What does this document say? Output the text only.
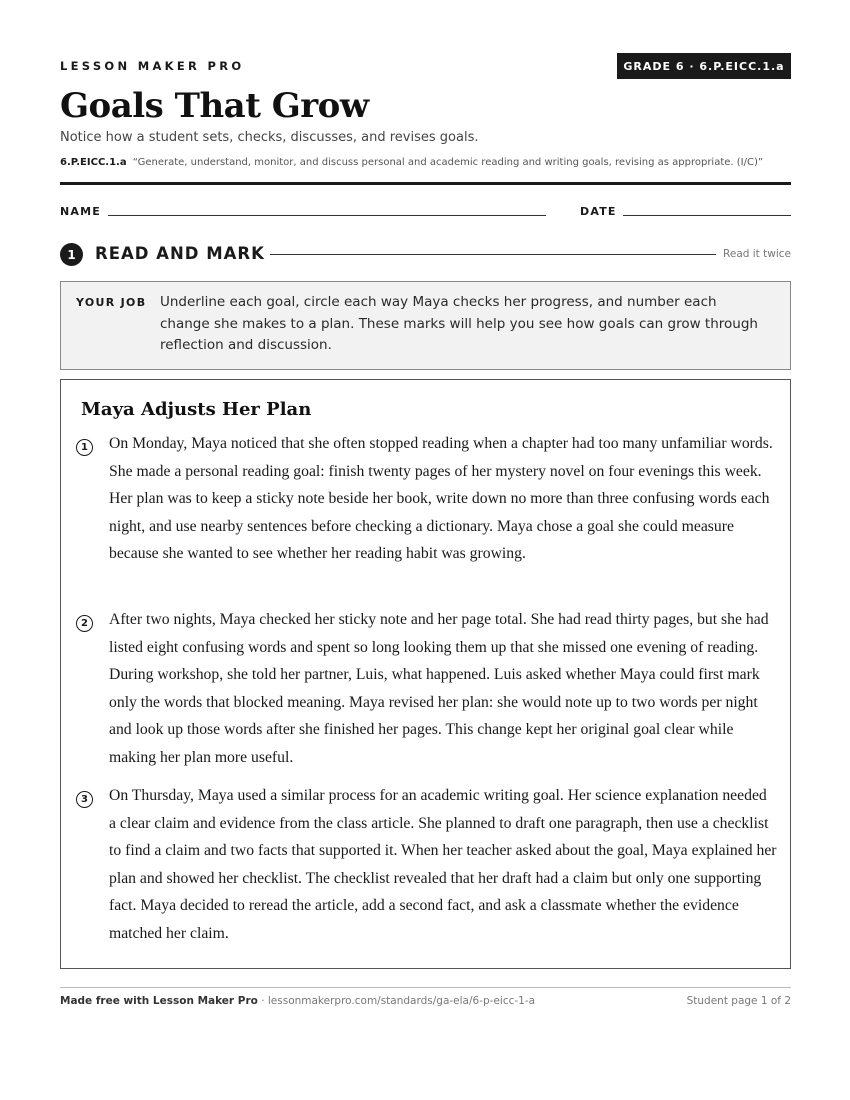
LESSON MAKER PRO	GRADE 6 · 6.P.EICC.1.a
Goals That Grow
Notice how a student sets, checks, discusses, and revises goals.
6.P.EICC.1.a “Generate, understand, monitor, and discuss personal and academic reading and writing goals, revising as appropriate. (I/C)”
NAME	DATE
1	READ AND MARK	Read it twice
YOUR JOB Underline each goal, circle each way Maya checks her progress, and number each change she makes to a plan. These marks will help you see how goals can grow through reflection and discussion.

Maya Adjusts Her Plan
1	On Monday, Maya noticed that she often stopped reading when a chapter had too many unfamiliar words. She made a personal reading goal: finish twenty pages of her mystery novel on four evenings this week. Her plan was to keep a sticky note beside her book, write down no more than three confusing words each night, and use nearby sentences before checking a dictionary. Maya chose a goal she could measure because she wanted to see whether her reading habit was growing.

2	After two nights, Maya checked her sticky note and her page total. She had read thirty pages, but she had listed eight confusing words and spent so long looking them up that she missed one evening of reading. During workshop, she told her partner, Luis, what happened. Luis asked whether Maya could first mark only the words that blocked meaning. Maya revised her plan: she would note up to two words per night and look up those words after she finished her pages. This change kept her original goal clear while making her plan more useful.

3	On Thursday, Maya used a similar process for an academic writing goal. Her science explanation needed a clear claim and evidence from the class article. She planned to draft one paragraph, then use a checklist to find a claim and two facts that supported it. When her teacher asked about the goal, Maya explained her plan and showed her checklist. The checklist revealed that her draft had a claim but only one supporting fact. Maya decided to reread the article, add a second fact, and ask a classmate whether the evidence matched her claim.

Made free with Lesson Maker Pro · lessonmakerpro.com/standards/ga-ela/6-p-eicc-1-a	Student page 1 of 2
